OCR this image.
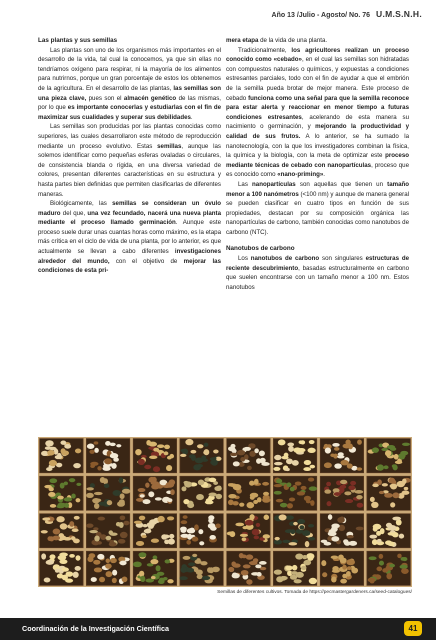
Año 13 /Julio - Agosto/ No. 76 U.M.S.N.H.
Las plantas y sus semillas

Las plantas son uno de los organismos más importantes en el desarrollo de la vida, tal cual la conocemos, ya que sin ellas no tendríamos oxígeno para respirar, ni la mayoría de los alimentos para nutrirnos, porque un gran porcentaje de estos los obtenemos de la agricultura. En el desarrollo de las plantas, las semillas son una pieza clave, pues son el almacén genético de las mismas, por lo que es importante conocerlas y estudiarlas con el fin de maximizar sus cualidades y superar sus debilidades.

Las semillas son producidas por las plantas conocidas como superiores, las cuales desarrollaron este método de reproducción mediante un proceso evolutivo. Estas semillas, aunque las solemos identificar como pequeñas esferas ovaladas o circulares, de consistencia blanda o rígida, en una diversa variedad de colores, presentan diferentes características en su estructura y hasta partes bien definidas que permiten clasificarlas de diferentes maneras.

Biológicamente, las semillas se consideran un óvulo maduro del que, una vez fecundado, nacerá una nueva planta mediante el proceso llamado germinación. Aunque este proceso suele durar unas cuantas horas como máximo, es la etapa más crítica en el ciclo de vida de una planta, por lo anterior, es que actualmente se llevan a cabo diferentes investigaciones alrededor del mundo, con el objetivo de mejorar las condiciones de esta pri-

mera etapa de la vida de una planta.

Tradicionalmente, los agricultores realizan un proceso conocido como «cebado», en el cual las semillas son hidratadas con compuestos naturales o químicos, y expuestas a condiciones estresantes parciales, todo con el fin de ayudar a que el embrión de la semilla pueda brotar de mejor manera. Este proceso de cebado funciona como una señal para que la semilla reconoce para estar alerta y reaccionar en menor tiempo a futuras condiciones estresantes, acelerando de esta manera su nacimiento o germinación, y mejorando la productividad y calidad de sus frutos. A lo anterior, se ha sumado la nanotecnología, con la que los investigadores combinan la física, la química y la biología, con la meta de optimizar este proceso mediante técnicas de cebado con nanopartículas, proceso que es conocido como «nano-priming».

Las nanopartículas son aquellas que tienen un tamaño menor a 100 nanómetros (<100 nm) y aunque de manera general se pueden clasificar en cuatro tipos en función de sus propiedades, destacan por su composición orgánica las nanopartículas de carbono, también conocidas como nanotubos de carbono (NTC).

Nanotubos de carbono

Los nanotubos de carbono son singulares estructuras de reciente descubrimiento, basadas estructuralmente en carbono que suelen encontrarse con un tamaño menor a 100 nm. Estos nanotubos

Semillas de diferentes cultivos. Tomada de https://pecmastergardeners.ca/seed-catalogues/
Coordinación de la Investigación Científica	41
